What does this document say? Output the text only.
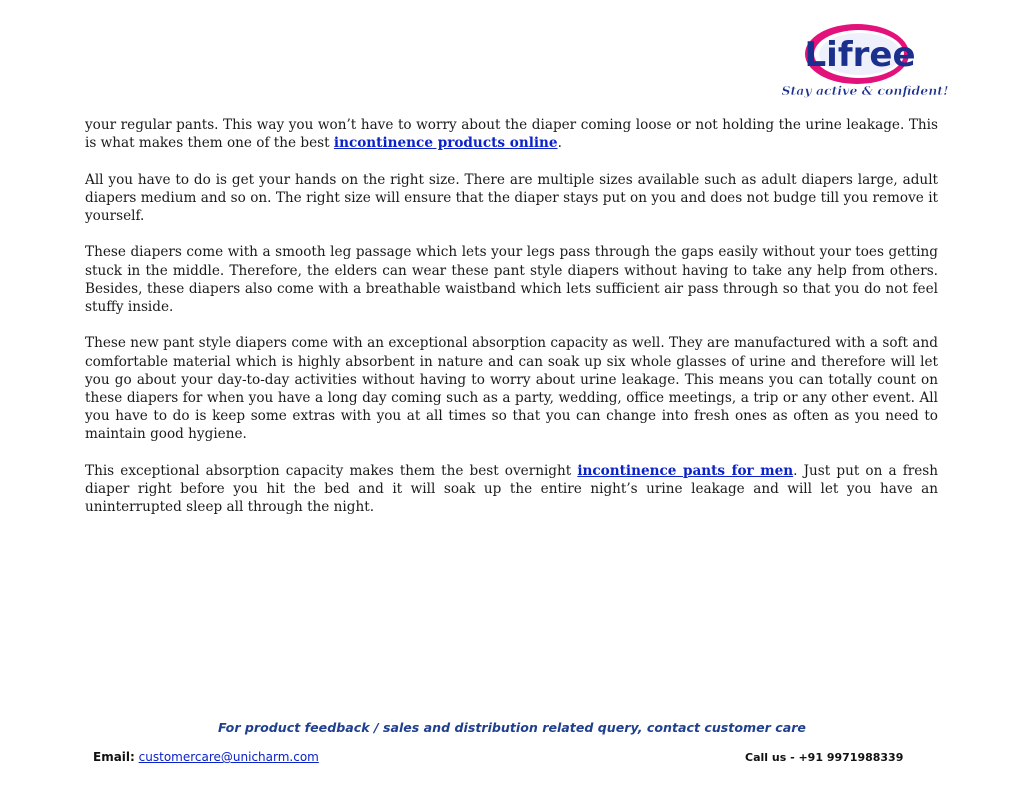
Lifree
Stay active & confident!

your regular pants. This way you won’t have to worry about the diaper coming loose or not holding the urine leakage. This is what makes them one of the best incontinence products online.

All you have to do is get your hands on the right size. There are multiple sizes available such as adult diapers large, adult diapers medium and so on. The right size will ensure that the diaper stays put on you and does not budge till you remove it yourself.

These diapers come with a smooth leg passage which lets your legs pass through the gaps easily without your toes getting stuck in the middle. Therefore, the elders can wear these pant style diapers without having to take any help from others. Besides, these diapers also come with a breathable waistband which lets sufficient air pass through so that you do not feel stuffy inside.

These new pant style diapers come with an exceptional absorption capacity as well. They are manufactured with a soft and comfortable material which is highly absorbent in nature and can soak up six whole glasses of urine and therefore will let you go about your day-to-day activities without having to worry about urine leakage. This means you can totally count on these diapers for when you have a long day coming such as a party, wedding, office meetings, a trip or any other event. All you have to do is keep some extras with you at all times so that you can change into fresh ones as often as you need to maintain good hygiene.

This exceptional absorption capacity makes them the best overnight incontinence pants for men. Just put on a fresh diaper right before you hit the bed and it will soak up the entire night’s urine leakage and will let you have an uninterrupted sleep all through the night.

For product feedback / sales and distribution related query, contact customer care
Email: customercare@unicharm.com	Call us - +91 9971988339
